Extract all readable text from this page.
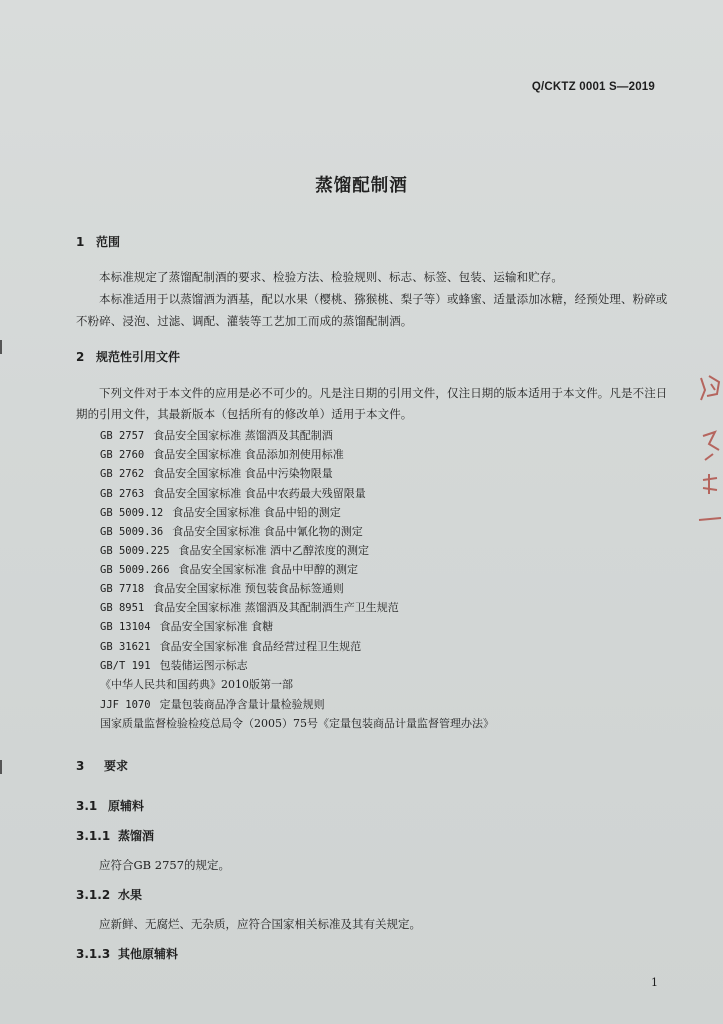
Q/CKTZ 0001 S—2019
蒸馏配制酒
1 范围
本标准规定了蒸馏配制酒的要求、检验方法、检验规则、标志、标签、包装、运输和贮存。
本标准适用于以蒸馏酒为酒基，配以水果（樱桃、猕猴桃、梨子等）或蜂蜜、适量添加冰糖，经预处理、粉碎或不粉碎、浸泡、过滤、调配、灌装等工艺加工而成的蒸馏配制酒。
2 规范性引用文件
下列文件对于本文件的应用是必不可少的。凡是注日期的引用文件，仅注日期的版本适用于本文件。凡是不注日期的引用文件，其最新版本（包括所有的修改单）适用于本文件。
GB 2757 食品安全国家标准 蒸馏酒及其配制酒
GB 2760 食品安全国家标准 食品添加剂使用标准
GB 2762 食品安全国家标准 食品中污染物限量
GB 2763 食品安全国家标准 食品中农药最大残留限量
GB 5009.12 食品安全国家标准 食品中铅的测定
GB 5009.36 食品安全国家标准 食品中氰化物的测定
GB 5009.225 食品安全国家标准 酒中乙醇浓度的测定
GB 5009.266 食品安全国家标准 食品中甲醇的测定
GB 7718 食品安全国家标准 预包装食品标签通则
GB 8951 食品安全国家标准 蒸馏酒及其配制酒生产卫生规范
GB 13104 食品安全国家标准 食糖
GB 31621 食品安全国家标准 食品经营过程卫生规范
GB/T 191 包装储运图示标志
《中华人民共和国药典》2010版第一部
JJF 1070 定量包装商品净含量计量检验规则
国家质量监督检验检疫总局令（2005）75号《定量包装商品计量监督管理办法》
3 要求
3.1 原辅料
3.1.1 蒸馏酒
应符合GB 2757的规定。
3.1.2 水果
应新鲜、无腐烂、无杂质，应符合国家相关标准及其有关规定。
3.1.3 其他原辅料
1
